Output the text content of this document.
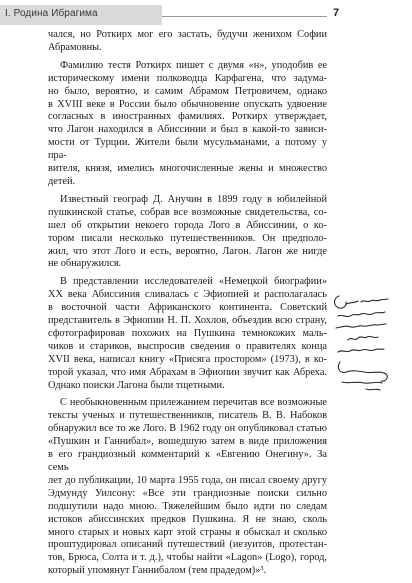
I. Родина Ибрагима	7

чался, но Роткирх мог его застать, будучи женихом Софии
Абрамовны.

Фамилию тестя Роткирх пишет с двумя «н», уподобив ее
историческому имени полководца Карфагена, что задума-
но было, вероятно, и самим Абрамом Петровичем, однако
в XVIII веке в России было обычновение опускать удвоение
согласных в иностранных фамилиях. Роткирх утверждает,
что Лагон находился в Абиссинии и был в какой-то зависи-
мости от Турции. Жители были мусульманами, а потому у пра-
вителя, князя, имелись многочисленные жены и множество
детей.

Известный географ Д. Анучин в 1899 году в юбилейной
пушкинской статье, собрав все возможные свидетельства, со-
шел об открытии некоего города Лого в Абиссинии, о ко-
тором писали несколько путешественников. Он предполо-
жил, что этот Лого и есть, вероятно, Лагон. Лагон же нигде
не обнаружился.

В представлении исследователей «Немецкой биографии»
XX века Абиссиния сливалась с Эфиопией и располагалась
в восточной части Африканского континента. Советский
представитель в Эфиопии Н. П. Хохлов, объездив всю страну,
сфотографировав похожих на Пушкина темнокожих маль-
чиков и стариков, выспросив сведения о правителях конца
XVII века, написал книгу «Присяга простором» (1973), в ко-
торой указал, что имя Абрахам в Эфиопии звучит как Абреха.
Однако поиски Лагона были тщетными.

С необыкновенным прилежанием перечитав все возможные
тексты ученых и путешественников, писатель В. В. Набоков
обнаружил все то же Лого. В 1962 году он опубликовал статью
«Пушкин и Ганнибал», вошедшую затем в виде приложения
в его грандиозный комментарий к «Евгению Онегину». За семь
лет до публикации, 10 марта 1955 года, он писал своему другу
Эдмунду Уилсону: «Все эти грандиозные поиски сильно
подшутили надо мною. Тяжелейшим было идти по следам
истоков абиссинских предков Пушкина. Я не знаю, сколь
много старых и новых карт этой страны я обыскал и сколько
проштудировал описаний путешествий (иезуитов, протестан-
тов, Брюса, Солта и т. д.), чтобы найти «Lagon» (Logo), город,
который упомянут Ганнибалом (тем прадедом)»³.
